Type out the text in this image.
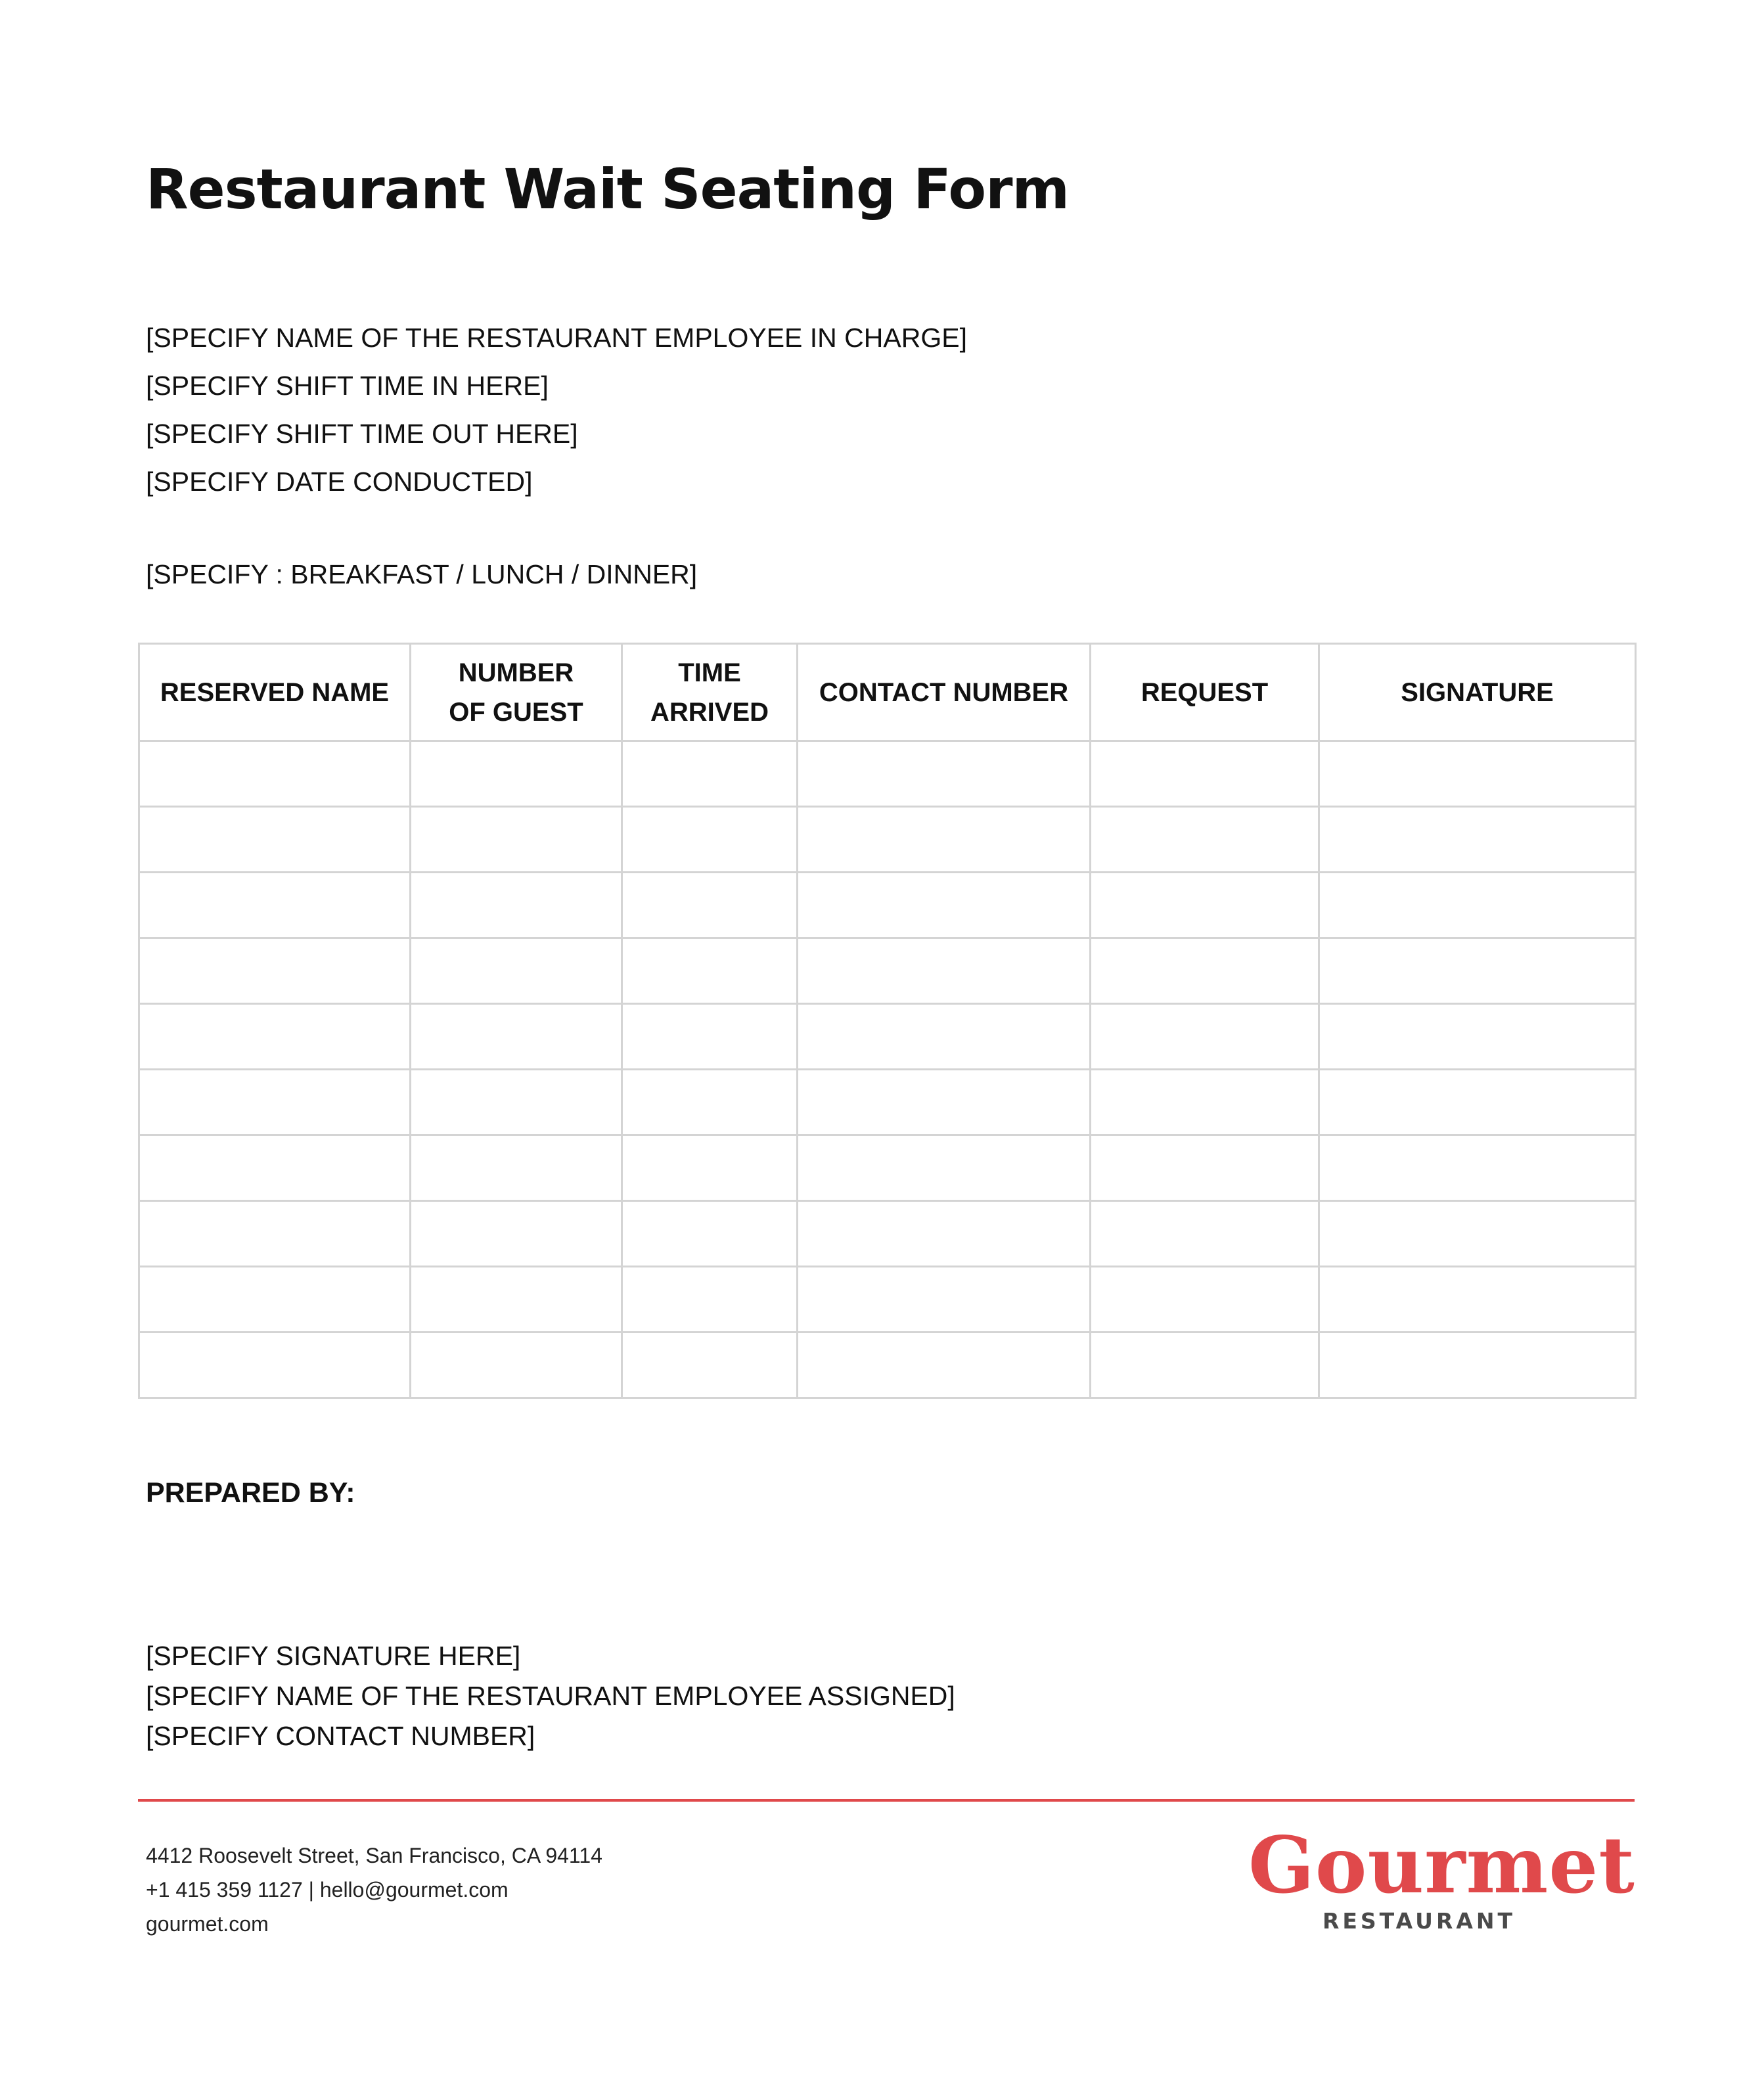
Restaurant Wait Seating Form
[SPECIFY NAME OF THE RESTAURANT EMPLOYEE IN CHARGE]
[SPECIFY SHIFT TIME IN HERE]
[SPECIFY SHIFT TIME OUT HERE]
[SPECIFY DATE CONDUCTED]
[SPECIFY : BREAKFAST / LUNCH / DINNER]
RESERVED NAME	NUMBER OF GUEST	TIME ARRIVED	CONTACT NUMBER	REQUEST	SIGNATURE

PREPARED BY:
[SPECIFY SIGNATURE HERE]
[SPECIFY NAME OF THE RESTAURANT EMPLOYEE ASSIGNED]
[SPECIFY CONTACT NUMBER]
4412 Roosevelt Street, San Francisco, CA 94114
+1 415 359 1127 | hello@gourmet.com
gourmet.com
Gourmet
RESTAURANT
